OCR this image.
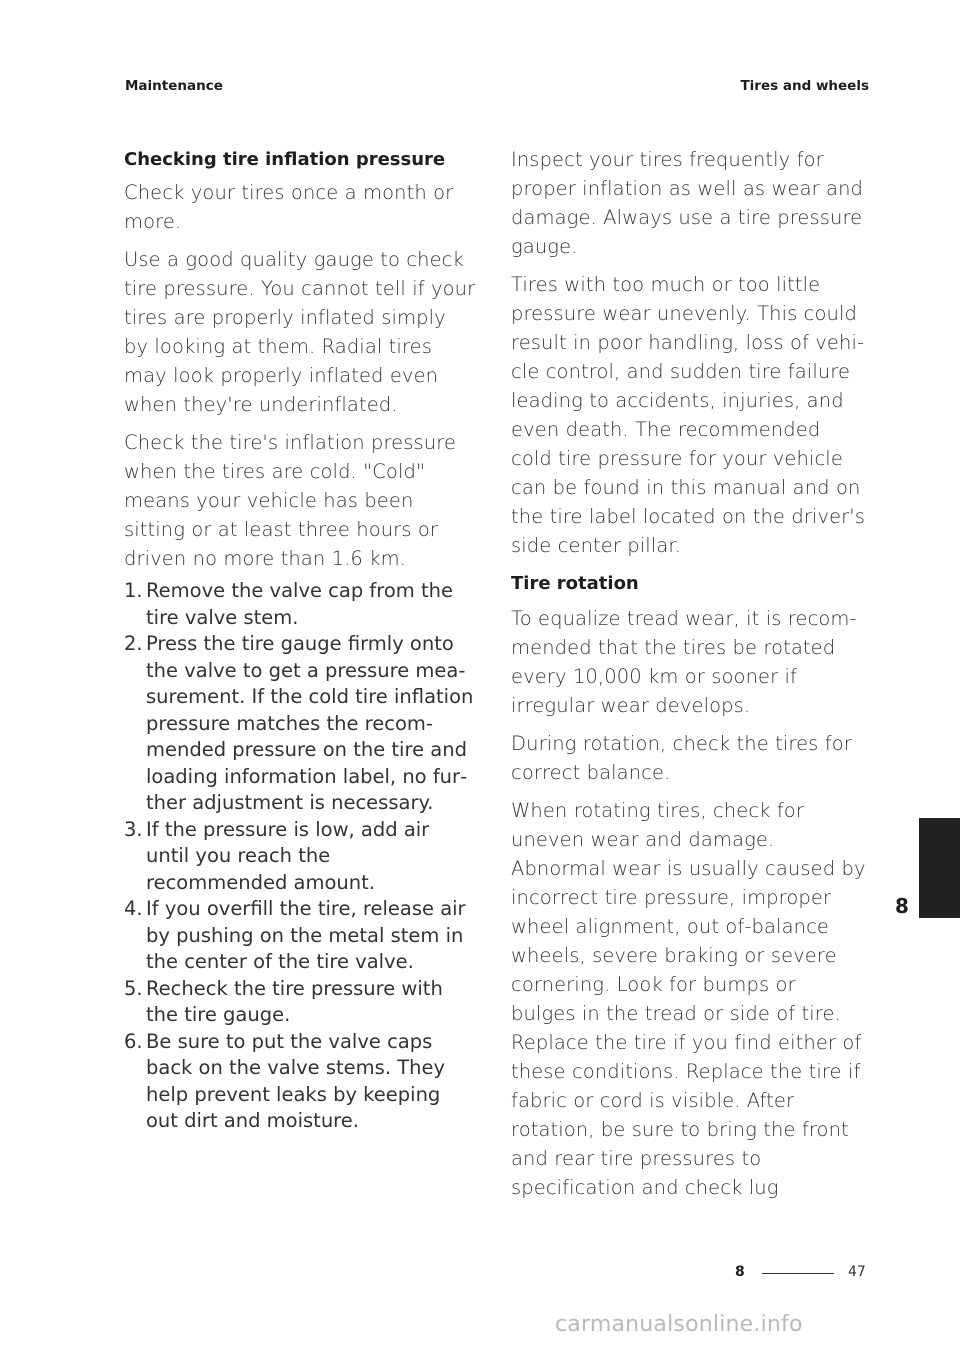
Maintenance	Tires and wheels
Checking tire inflation pressure

Check your tires once a month or more.

Use a good quality gauge to check tire pressure. You cannot tell if your tires are properly inflated simply by looking at them. Radial tires may look properly inflated even when they're underinflated.

Check the tire's inflation pressure when the tires are cold. "Cold" means your vehicle has been sitting or at least three hours or driven no more than 1.6 km.

1. Remove the valve cap from the tire valve stem.
2. Press the tire gauge firmly onto the valve to get a pressure measurement. If the cold tire inflation pressure matches the recommended pressure on the tire and loading information label, no further adjustment is necessary.
3. If the pressure is low, add air until you reach the recommended amount.
4. If you overfill the tire, release air by pushing on the metal stem in the center of the tire valve.
5. Recheck the tire pressure with the tire gauge.
6. Be sure to put the valve caps back on the valve stems. They help prevent leaks by keeping out dirt and moisture.

Inspect your tires frequently for proper inflation as well as wear and damage. Always use a tire pressure gauge.

Tires with too much or too little pressure wear unevenly. This could result in poor handling, loss of vehicle control, and sudden tire failure leading to accidents, injuries, and even death. The recommended cold tire pressure for your vehicle can be found in this manual and on the tire label located on the driver's side center pillar.

Tire rotation

To equalize tread wear, it is recommended that the tires be rotated every 10,000 km or sooner if irregular wear develops.

During rotation, check the tires for correct balance.

When rotating tires, check for uneven wear and damage. Abnormal wear is usually caused by incorrect tire pressure, improper wheel alignment, out of-balance wheels, severe braking or severe cornering. Look for bumps or bulges in the tread or side of tire. Replace the tire if you find either of these conditions. Replace the tire if fabric or cord is visible. After rotation, be sure to bring the front and rear tire pressures to specification and check lug

8
8	47
carmanualsonline.info
